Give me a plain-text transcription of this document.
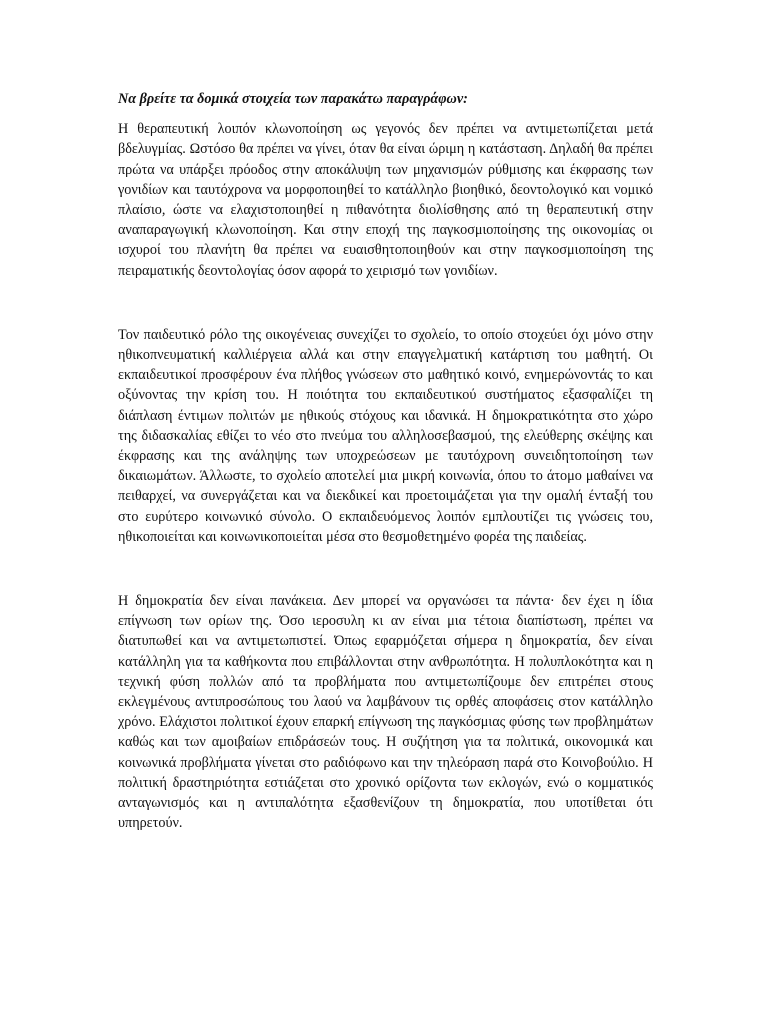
Να βρείτε τα δομικά στοιχεία των παρακάτω παραγράφων:

Η θεραπευτική λοιπόν κλωνοποίηση ως γεγονός δεν πρέπει να αντιμετωπίζεται μετά βδελυγμίας. Ωστόσο θα πρέπει να γίνει, όταν θα είναι ώριμη η κατάσταση. Δηλαδή θα πρέπει πρώτα να υπάρξει πρόοδος στην αποκάλυψη των μηχανισμών ρύθμισης και έκφρασης των γονιδίων και ταυτόχρονα να μορφοποιηθεί το κατάλληλο βιοηθικό, δεοντολογικό και νομικό πλαίσιο, ώστε να ελαχιστοποιηθεί η πιθανότητα διολίσθησης από τη θεραπευτική στην αναπαραγωγική κλωνοποίηση. Και στην εποχή της παγκοσμιοποίησης της οικονομίας οι ισχυροί του πλανήτη θα πρέπει να ευαισθητοποιηθούν και στην παγκοσμιοποίηση της πειραματικής δεοντολογίας όσον αφορά το χειρισμό των γονιδίων.

Τον παιδευτικό ρόλο της οικογένειας συνεχίζει το σχολείο, το οποίο στοχεύει όχι μόνο στην ηθικοπνευματική καλλιέργεια αλλά και στην επαγγελματική κατάρτιση του μαθητή. Οι εκπαιδευτικοί προσφέρουν ένα πλήθος γνώσεων στο μαθητικό κοινό, ενημερώνοντάς το και οξύνοντας την κρίση του. Η ποιότητα του εκπαιδευτικού συστήματος εξασφαλίζει τη διάπλαση έντιμων πολιτών με ηθικούς στόχους και ιδανικά. Η δημοκρατικότητα στο χώρο της διδασκαλίας εθίζει το νέο στο πνεύμα του αλληλοσεβασμού, της ελεύθερης σκέψης και έκφρασης και της ανάληψης των υποχρεώσεων με ταυτόχρονη συνειδητοποίηση των δικαιωμάτων. Άλλωστε, το σχολείο αποτελεί μια μικρή κοινωνία, όπου το άτομο μαθαίνει να πειθαρχεί, να συνεργάζεται και να διεκδικεί και προετοιμάζεται για την ομαλή ένταξή του στο ευρύτερο κοινωνικό σύνολο. Ο εκπαιδευόμενος λοιπόν εμπλουτίζει τις γνώσεις του, ηθικοποιείται και κοινωνικοποιείται μέσα στο θεσμοθετημένο φορέα της παιδείας.

Η δημοκρατία δεν είναι πανάκεια. Δεν μπορεί να οργανώσει τα πάντα· δεν έχει η ίδια επίγνωση των ορίων της. Όσο ιεροσυλη κι αν είναι μια τέτοια διαπίστωση, πρέπει να διατυπωθεί και να αντιμετωπιστεί. Όπως εφαρμόζεται σήμερα η δημοκρατία, δεν είναι κατάλληλη για τα καθήκοντα που επιβάλλονται στην ανθρωπότητα. Η πολυπλοκότητα και η τεχνική φύση πολλών από τα προβλήματα που αντιμετωπίζουμε δεν επιτρέπει στους εκλεγμένους αντιπροσώπους του λαού να λαμβάνουν τις ορθές αποφάσεις στον κατάλληλο χρόνο. Ελάχιστοι πολιτικοί έχουν επαρκή επίγνωση της παγκόσμιας φύσης των προβλημάτων καθώς και των αμοιβαίων επιδράσεών τους. Η συζήτηση για τα πολιτικά, οικονομικά και κοινωνικά προβλήματα γίνεται στο ραδιόφωνο και την τηλεόραση παρά στο Κοινοβούλιο. Η πολιτική δραστηριότητα εστιάζεται στο χρονικό ορίζοντα των εκλογών, ενώ ο κομματικός ανταγωνισμός και η αντιπαλότητα εξασθενίζουν τη δημοκρατία, που υποτίθεται ότι υπηρετούν.
